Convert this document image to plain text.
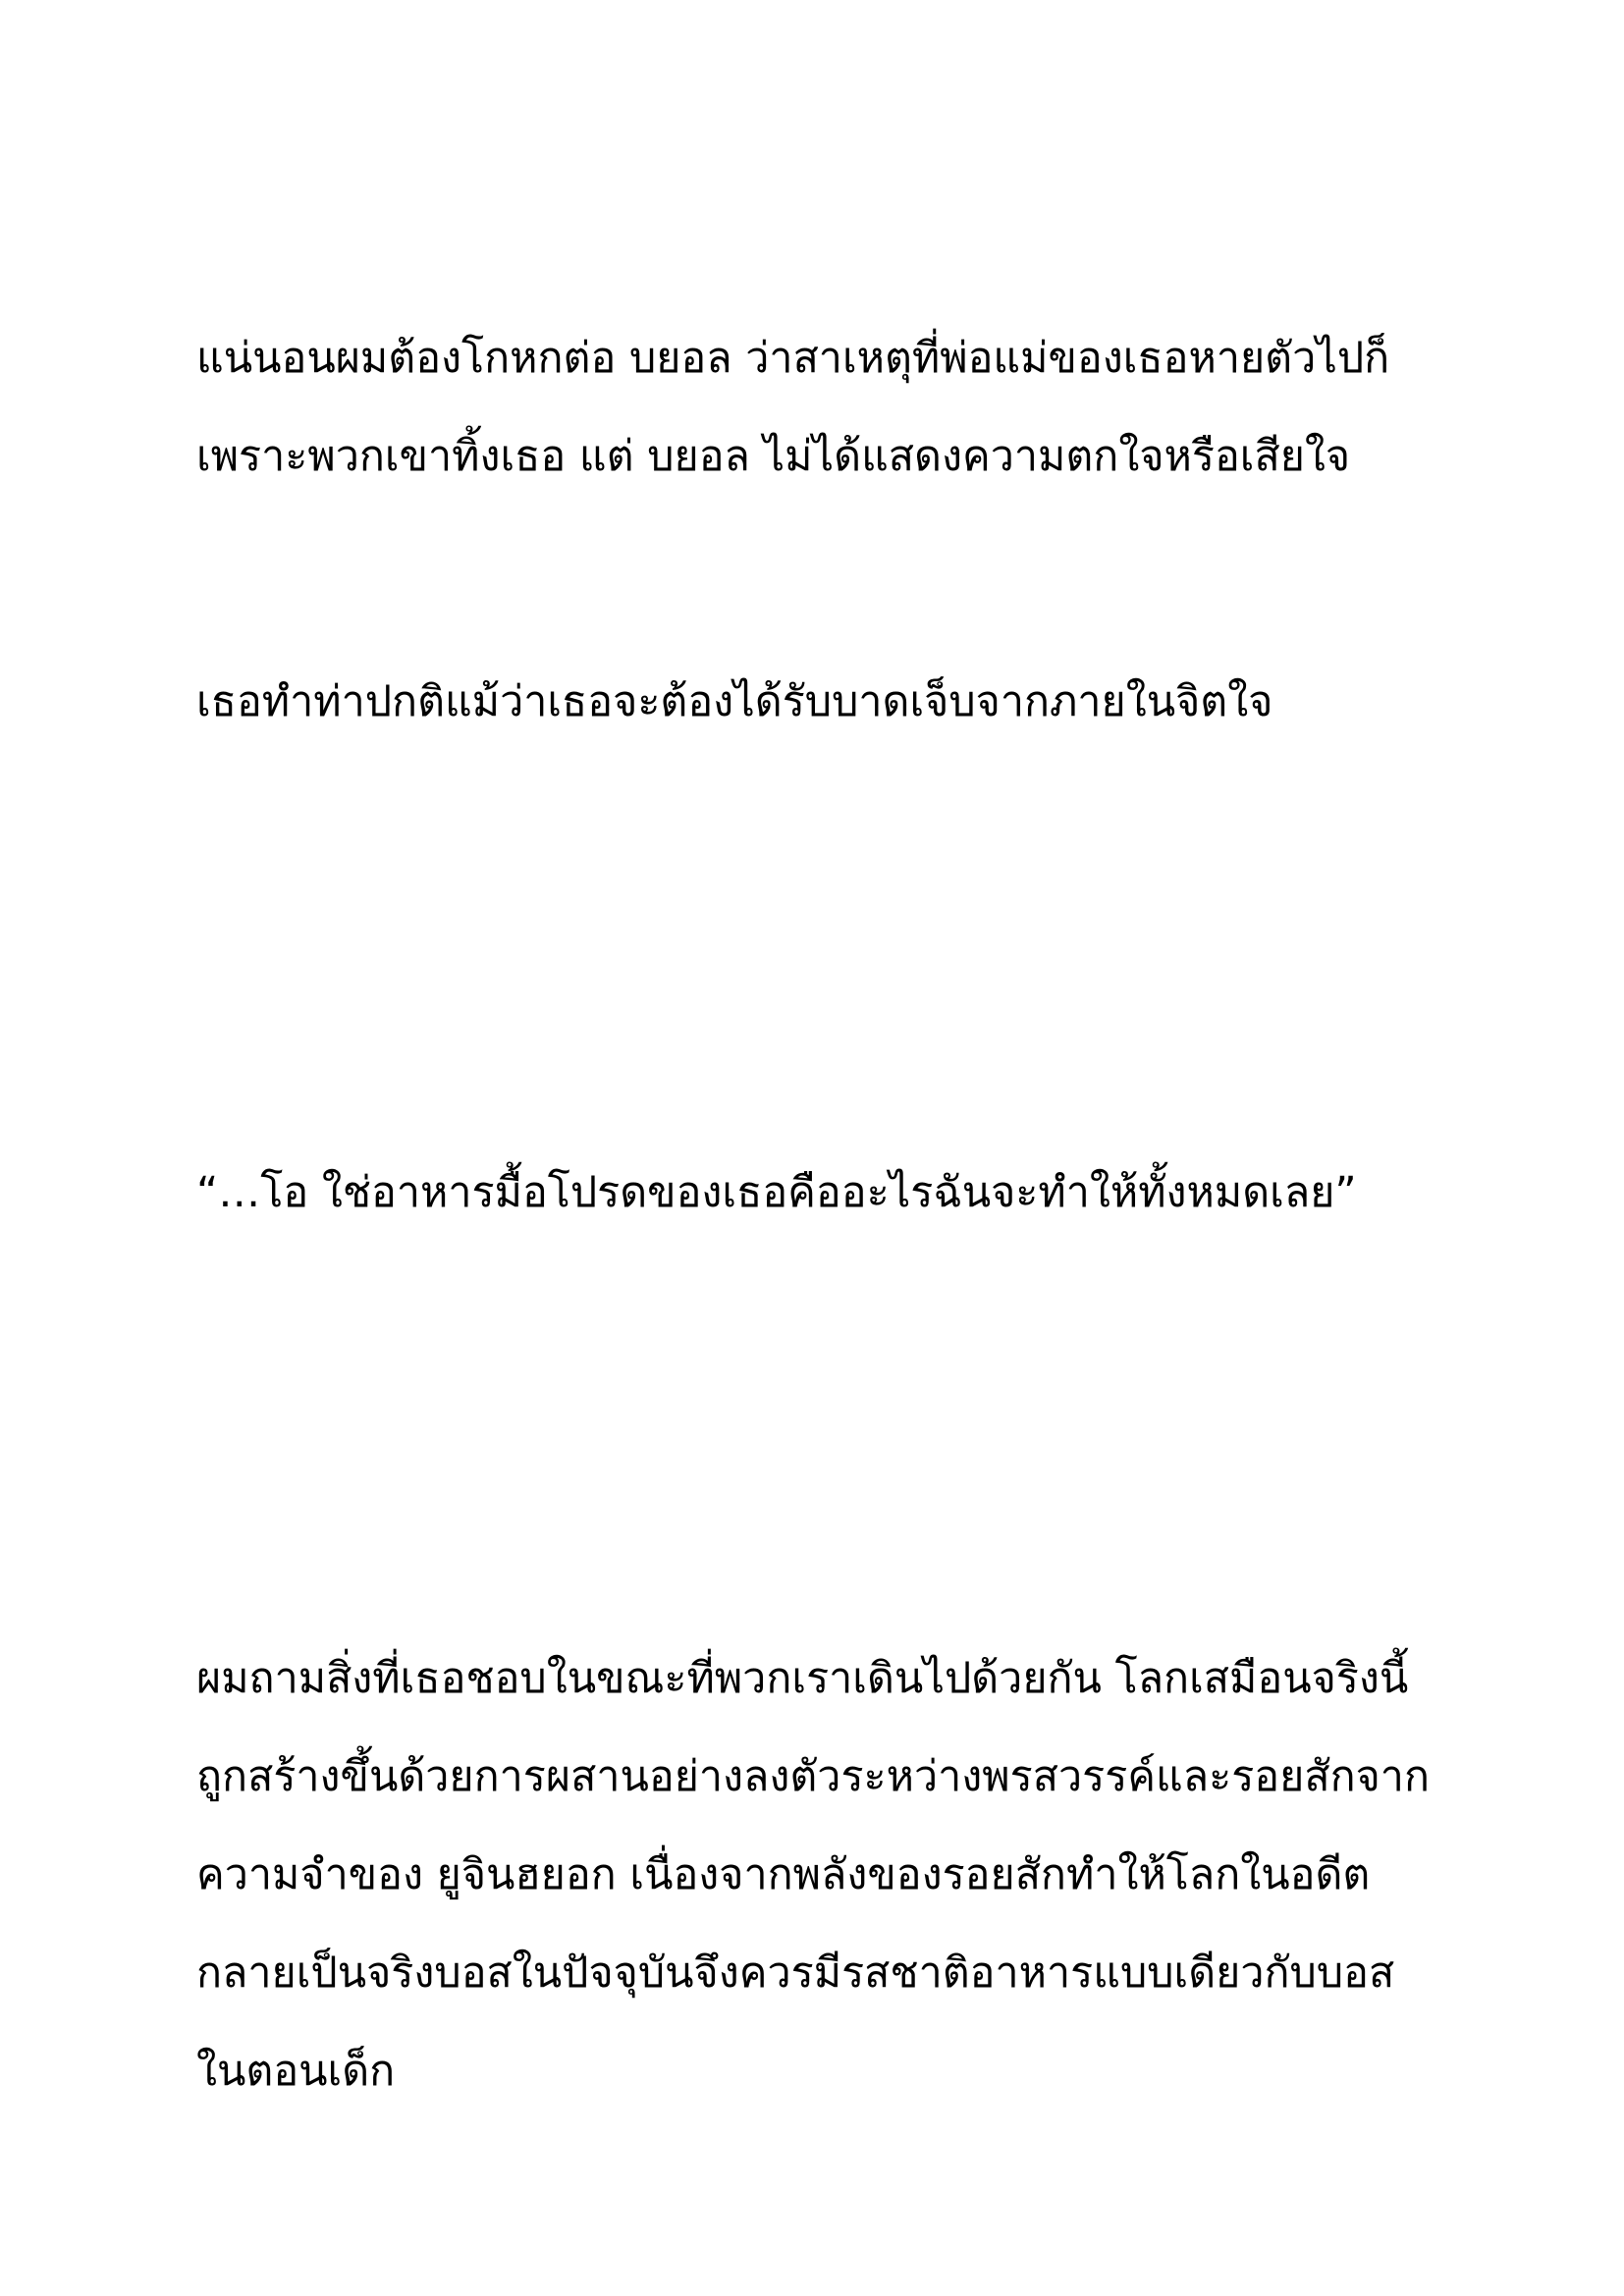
แน่นอนผมต้องโกหกต่อ บยอล ว่าสาเหตุที่พ่อแม่ของเธอหายตัวไปก็

เพราะพวกเขาทิ้งเธอ แต่ บยอล ไม่ได้แสดงความตกใจหรือเสียใจ

เธอทำท่าปกติแม้ว่าเธอจะต้องได้รับบาดเจ็บจากภายในจิตใจ

“…โอ ใช่อาหารมื้อโปรดของเธอคืออะไรฉันจะทำให้ทั้งหมดเลย”

ผมถามสิ่งที่เธอชอบในขณะที่พวกเราเดินไปด้วยกัน โลกเสมือนจริงนี้

ถูกสร้างขึ้นด้วยการผสานอย่างลงตัวระหว่างพรสวรรค์และรอยสักจาก

ความจำของ ยูจินฮยอก เนื่องจากพลังของรอยสักทำให้โลกในอดีต

กลายเป็นจริงบอสในปัจจุบันจึงควรมีรสชาติอาหารแบบเดียวกับบอส

ในตอนเด็ก
